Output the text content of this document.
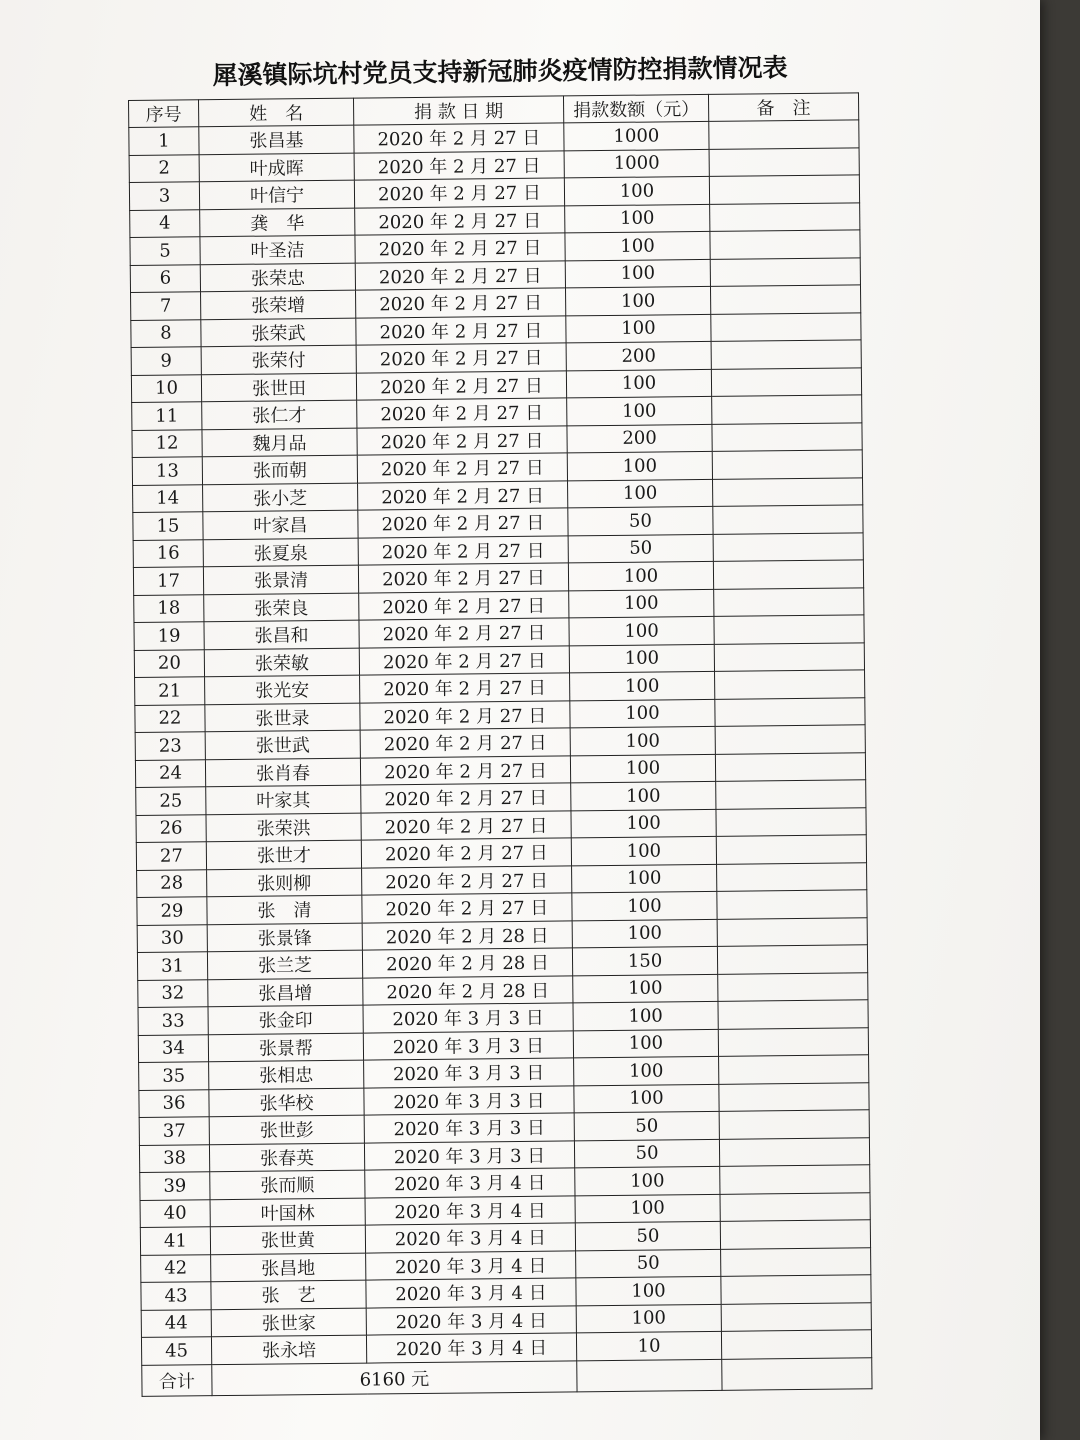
犀溪镇际坑村党员支持新冠肺炎疫情防控捐款情况表
序号	姓　名	捐 款 日 期	捐款数额（元）	备　注
1	张昌基	2020 年 2 月 27 日	1000	
2	叶成晖	2020 年 2 月 27 日	1000	
3	叶信宁	2020 年 2 月 27 日	100	
4	龚　华	2020 年 2 月 27 日	100	
5	叶圣洁	2020 年 2 月 27 日	100	
6	张荣忠	2020 年 2 月 27 日	100	
7	张荣增	2020 年 2 月 27 日	100	
8	张荣武	2020 年 2 月 27 日	100	
9	张荣付	2020 年 2 月 27 日	200	
10	张世田	2020 年 2 月 27 日	100	
11	张仁才	2020 年 2 月 27 日	100	
12	魏月品	2020 年 2 月 27 日	200	
13	张而朝	2020 年 2 月 27 日	100	
14	张小芝	2020 年 2 月 27 日	100	
15	叶家昌	2020 年 2 月 27 日	50	
16	张夏泉	2020 年 2 月 27 日	50	
17	张景清	2020 年 2 月 27 日	100	
18	张荣良	2020 年 2 月 27 日	100	
19	张昌和	2020 年 2 月 27 日	100	
20	张荣敏	2020 年 2 月 27 日	100	
21	张光安	2020 年 2 月 27 日	100	
22	张世录	2020 年 2 月 27 日	100	
23	张世武	2020 年 2 月 27 日	100	
24	张肖春	2020 年 2 月 27 日	100	
25	叶家其	2020 年 2 月 27 日	100	
26	张荣洪	2020 年 2 月 27 日	100	
27	张世才	2020 年 2 月 27 日	100	
28	张则柳	2020 年 2 月 27 日	100	
29	张　清	2020 年 2 月 27 日	100	
30	张景锋	2020 年 2 月 28 日	100	
31	张兰芝	2020 年 2 月 28 日	150	
32	张昌增	2020 年 2 月 28 日	100	
33	张金印	2020 年 3 月 3 日	100	
34	张景帮	2020 年 3 月 3 日	100	
35	张相忠	2020 年 3 月 3 日	100	
36	张华校	2020 年 3 月 3 日	100	
37	张世彭	2020 年 3 月 3 日	50	
38	张春英	2020 年 3 月 3 日	50	
39	张而顺	2020 年 3 月 4 日	100	
40	叶国林	2020 年 3 月 4 日	100	
41	张世黄	2020 年 3 月 4 日	50	
42	张昌地	2020 年 3 月 4 日	50	
43	张　艺	2020 年 3 月 4 日	100	
44	张世家	2020 年 3 月 4 日	100	
45	张永培	2020 年 3 月 4 日	10	
合计	6160 元			
